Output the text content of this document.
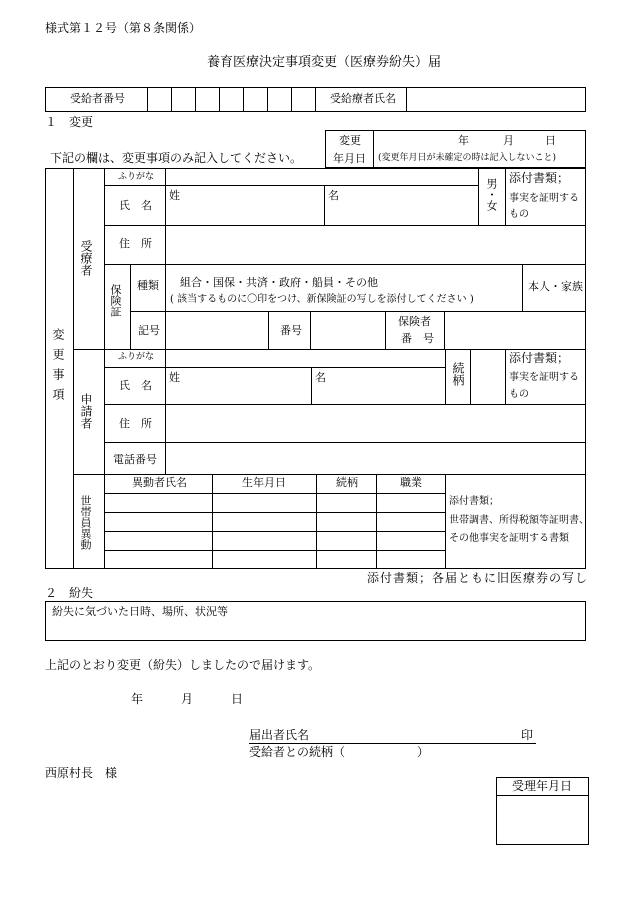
様式第１２号（第８条関係）
養育医療決定事項変更（医療券紛失）届
受給者番号	受給療者氏名
１　変更
下記の欄は、変更事項のみ記入してください。
変更
年月日
年	月	日
(変更年月日が未確定の時は記入しないこと)
変更事項
受療者
ふりがな
氏　名
姓	名	男・女 添付書類；
事実を証明するもの
住　所
保険証 種類 組合・国保・共済・政府・船員・その他
( 該当するものに〇印をつけ、新保険証の写しを添付してください )
本人・家族
記号	番号
保険者
番　号
申請者
ふりがな
氏　名
姓	名	続柄
添付書類；
事実を証明するもの
住　所
電話番号
世帯員異動
異動者氏名	生年月日	続柄	職業
添付書類；
世帯調書、所得税額等証明書、
その他事実を証明する書類
添付書類；各届ともに旧医療券の写し
２　紛失
紛失に気づいた日時、場所、状況等
上記のとおり変更（紛失）しましたので届けます。
年	月	日
届出者氏名	印
受給者との続柄（　　　　　　）
西原村長　様
受理年月日
